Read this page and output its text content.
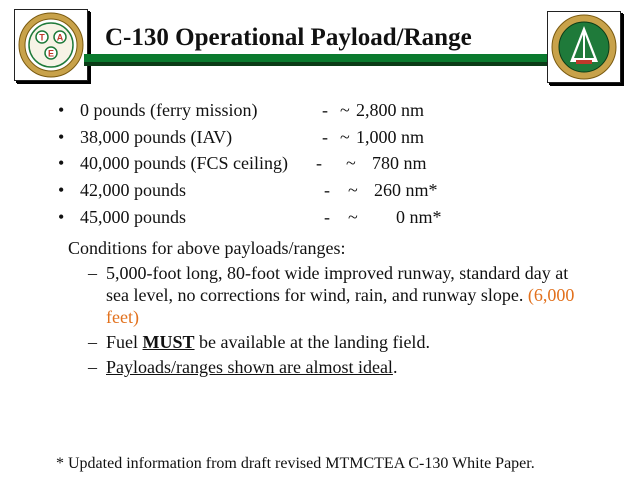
T A
E
C-130 Operational Payload/Range
• 0 pounds (ferry mission)	- ~ 2,800 nm
• 38,000 pounds (IAV)	- ~ 1,000 nm
• 40,000 pounds (FCS ceiling) - ~ 780 nm
• 42,000 pounds	- ~ 260 nm*
• 45,000 pounds	- ~ 0 nm*
Conditions for above payloads/ranges:
– 5,000-foot long, 80-foot wide improved runway, standard day at sea level, no corrections for wind, rain, and runway slope. (6,000 feet)
– Fuel MUST be available at the landing field.
– Payloads/ranges shown are almost ideal.
* Updated information from draft revised MTMCTEA C-130 White Paper.
